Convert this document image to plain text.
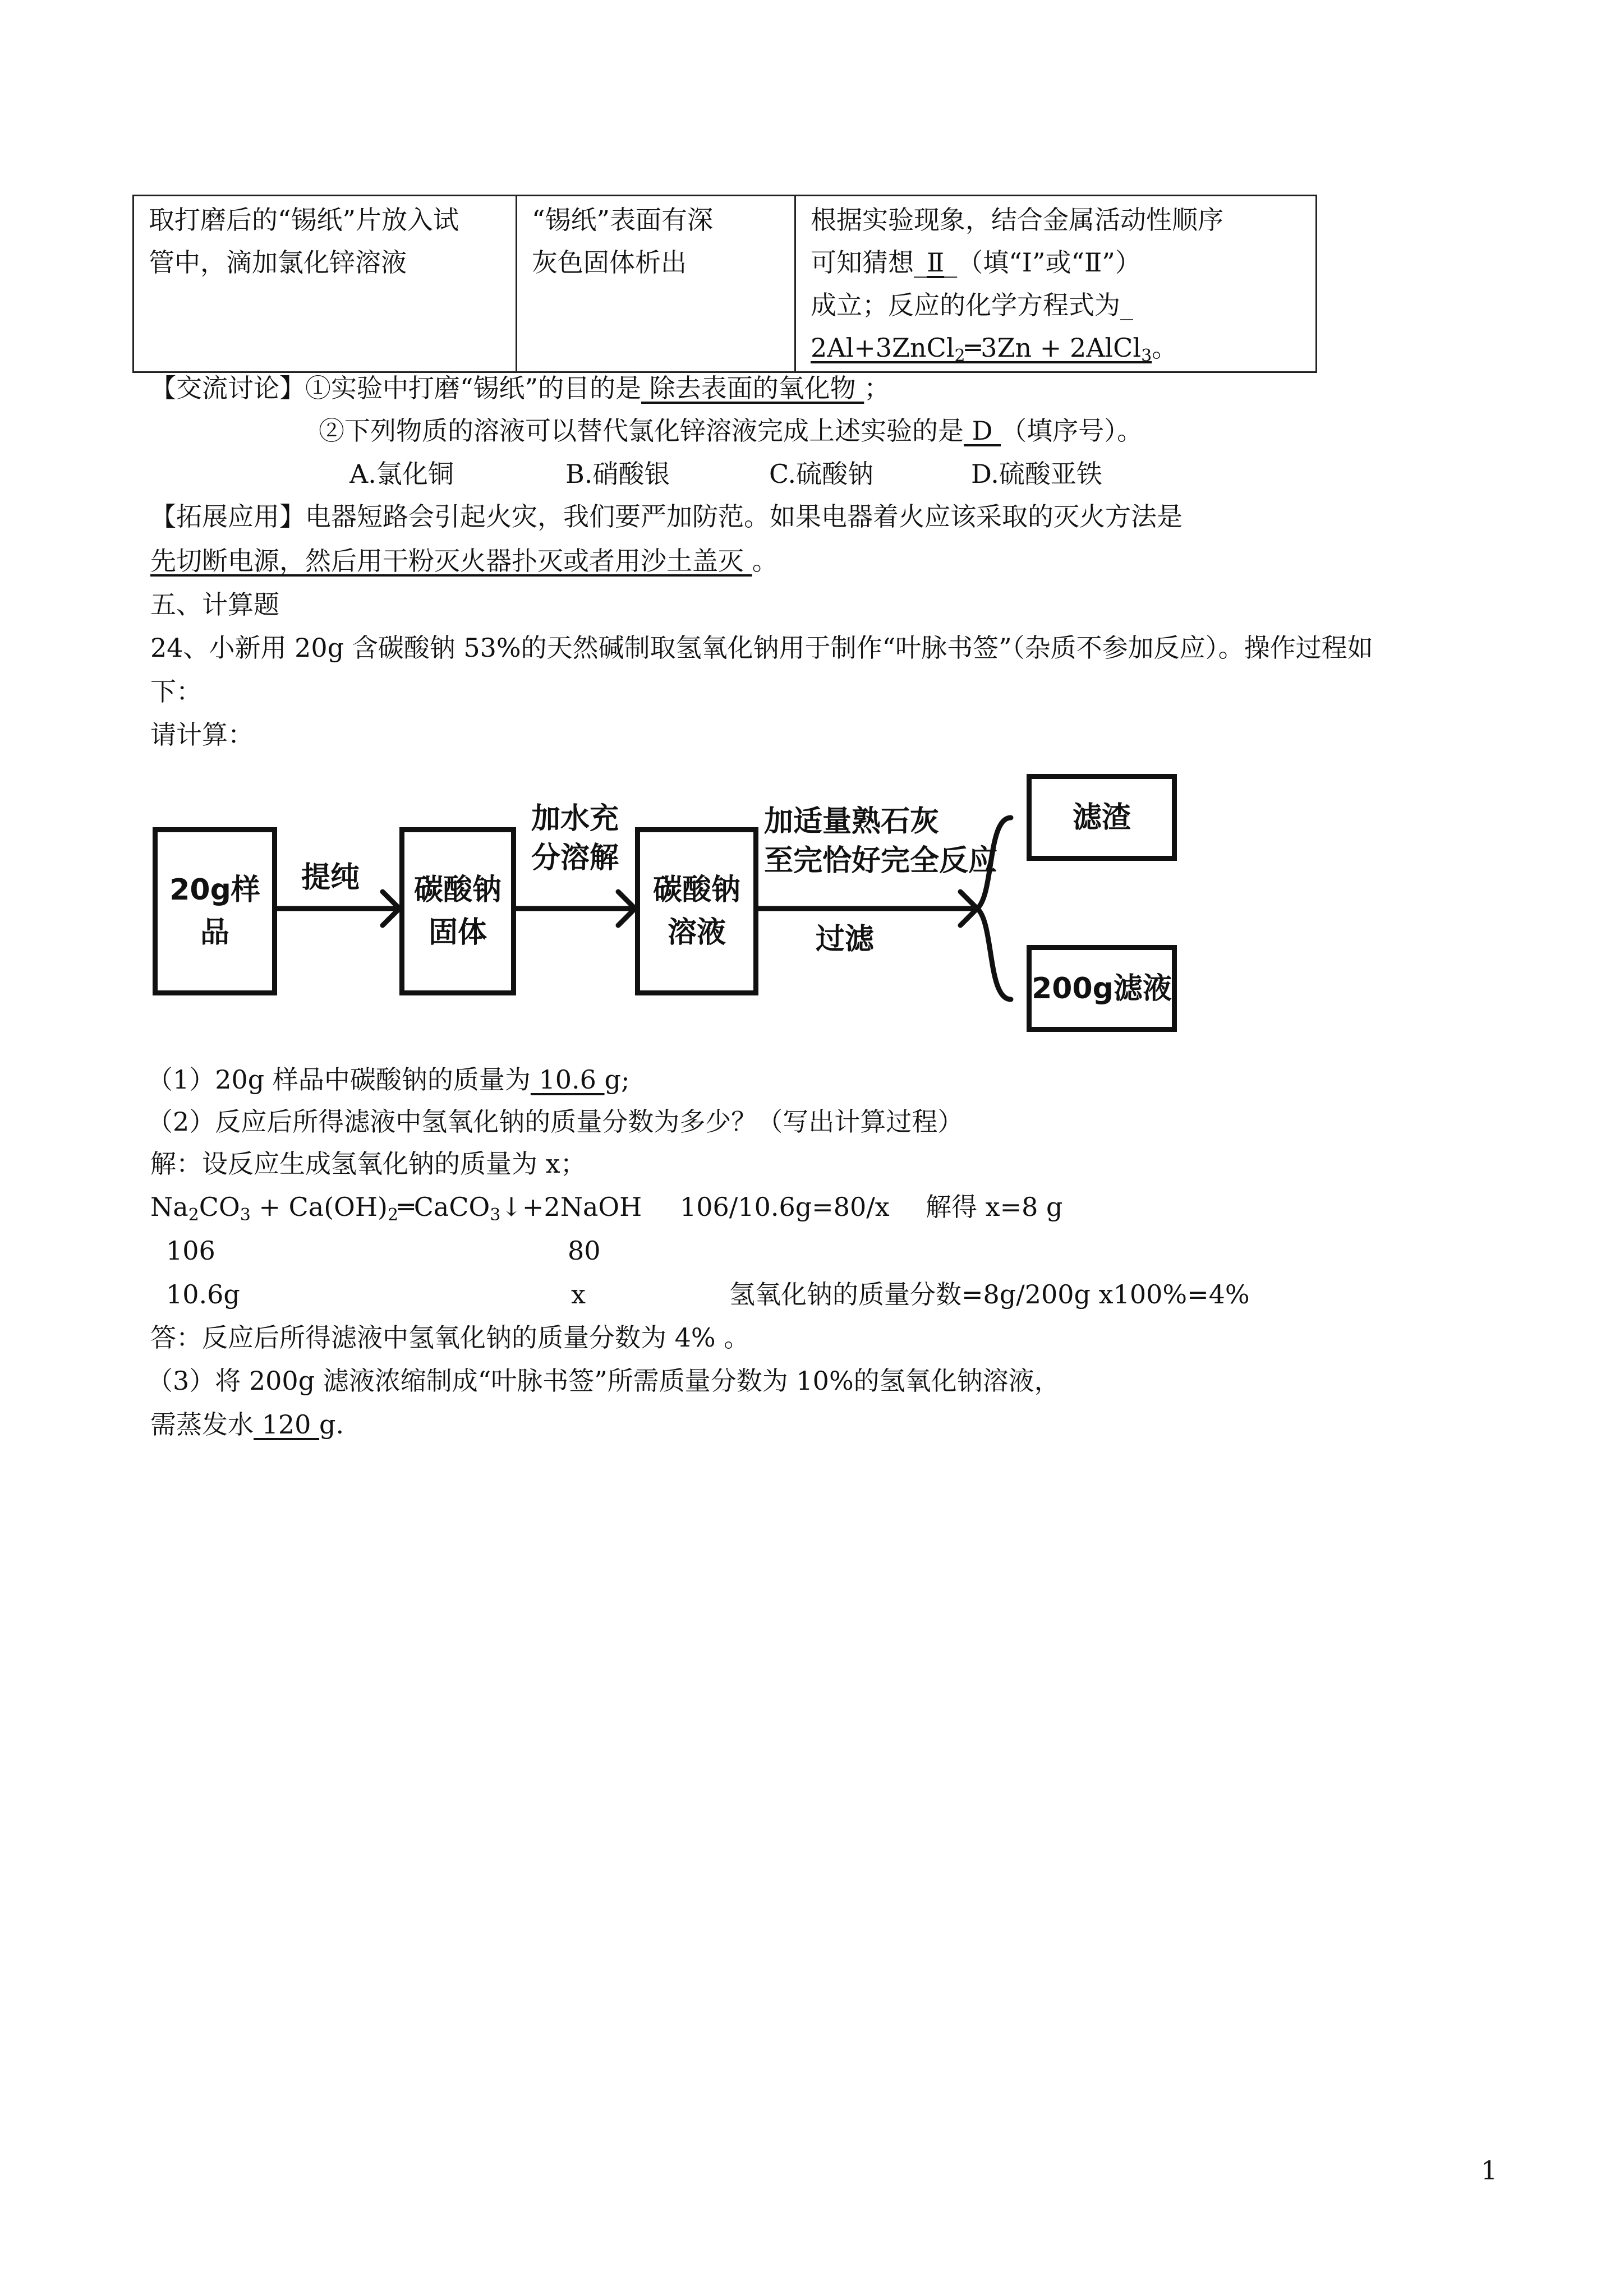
取打磨后的“锡纸”片放入试
管中，滴加氯化锌溶液

“锡纸”表面有深
灰色固体析出

根据实验现象，结合金属活动性顺序
可知猜想_Ⅱ_（填“Ⅰ”或“Ⅱ”）
成立；反应的化学方程式为_
2Al+3ZnCl$_2$═3Zn + 2AlCl$_3$。
【交流讨论】①实验中打磨“锡纸”的目的是 除去表面的氧化物 ；
②下列物质的溶液可以替代氯化锌溶液完成上述实验的是 D （填序号）。
A.氯化铜	B.硝酸银	C.硫酸钠	D.硫酸亚铁
【拓展应用】电器短路会引起火灾，我们要严加防范。如果电器着火应该采取的灭火方法是
先切断电源，然后用干粉灭火器扑灭或者用沙土盖灭 。
五、计算题
24、小新用 20g 含碳酸钠 53%的天然碱制取氢氧化钠用于制作“叶脉书签”（杂质不参加反应）。操作过程如
下：
请计算：
20g样品
提纯 碳酸钠
固体
加水充
分溶解
碳酸钠
溶液
加适量熟石灰
至完恰好完全反应
过滤
滤渣
200g滤液
（1）20g 样品中碳酸钠的质量为 10.6 g;
（2）反应后所得滤液中氢氧化钠的质量分数为多少？（写出计算过程）
解：设反应生成氢氧化钠的质量为 x；
$Na_2CO_3$ + $Ca(OH)_2═CaCO_3↓+2NaOH$ 106/10.6g=80/x 解得 x=8 g
106	80
10.6g	x	氢氧化钠的质量分数=8g/200g x100%=4%
答：反应后所得滤液中氢氧化钠的质量分数为 4% 。
（3）将 200g 滤液浓缩制成“叶脉书签”所需质量分数为 10%的氢氧化钠溶液，
需蒸发水 120 g.
1
